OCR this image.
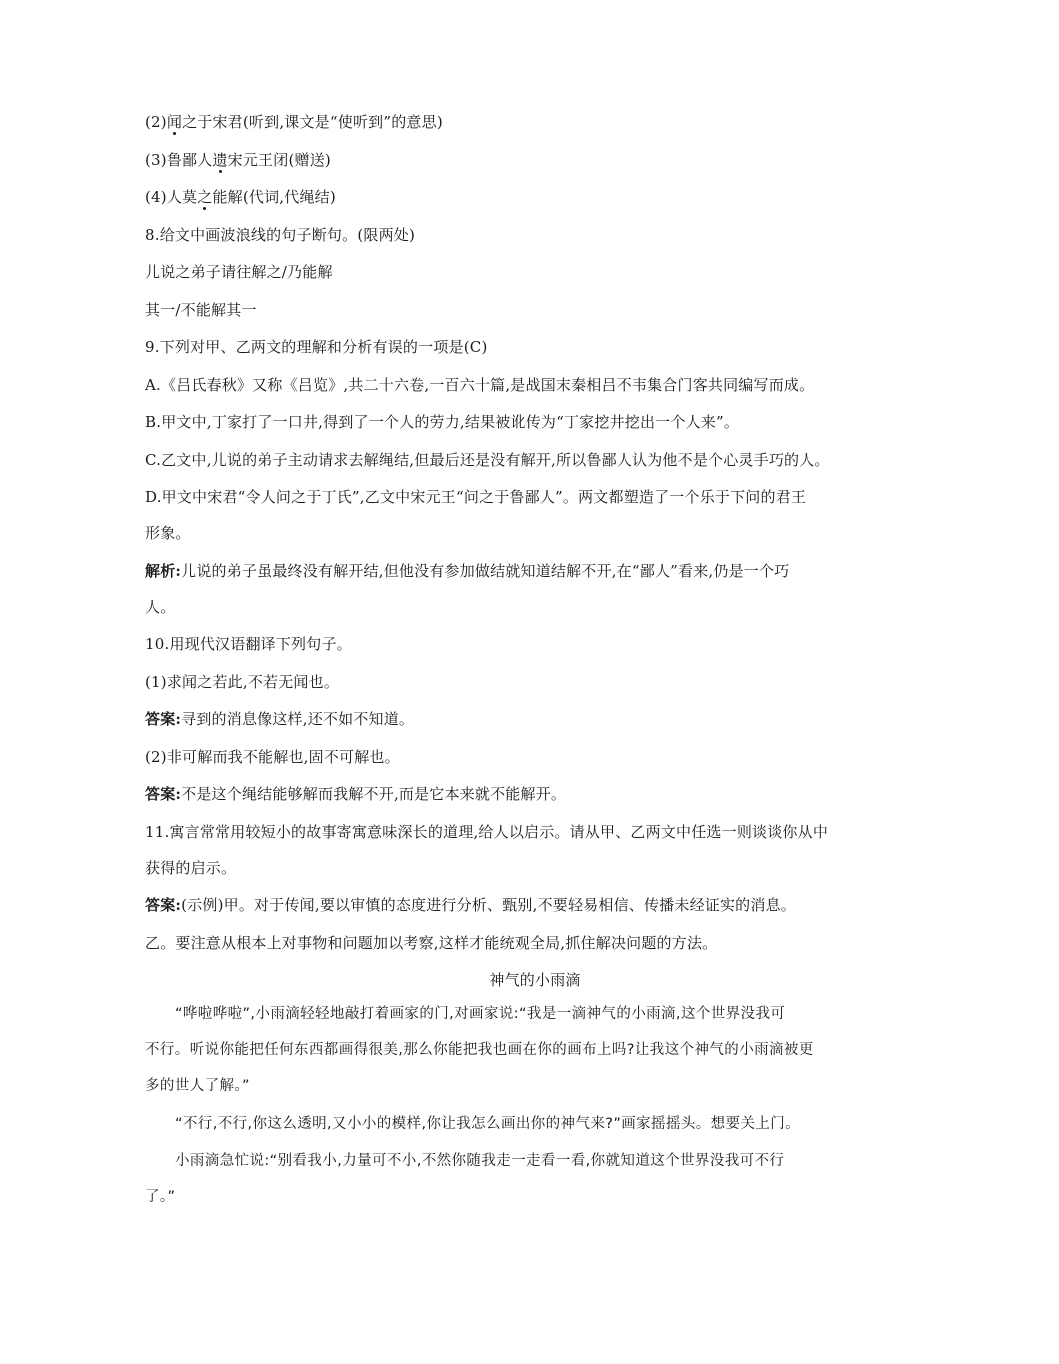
(2)闻之于宋君(听到,课文是“使听到”的意思)
(3)鲁鄙人遗宋元王闭(赠送)
(4)人莫之能解(代词,代绳结)
8.给文中画波浪线的句子断句。(限两处)
儿说之弟子请往解之/乃能解
其一/不能解其一
9.下列对甲、乙两文的理解和分析有误的一项是(C)
A.《吕氏春秋》又称《吕览》,共二十六卷,一百六十篇,是战国末秦相吕不韦集合门客共同编写而成。
B.甲文中,丁家打了一口井,得到了一个人的劳力,结果被讹传为“丁家挖井挖出一个人来”。
C.乙文中,儿说的弟子主动请求去解绳结,但最后还是没有解开,所以鲁鄙人认为他不是个心灵手巧的人。
D.甲文中宋君“令人问之于丁氏”,乙文中宋元王“问之于鲁鄙人”。两文都塑造了一个乐于下问的君王
形象。
解析:儿说的弟子虽最终没有解开结,但他没有参加做结就知道结解不开,在“鄙人”看来,仍是一个巧
人。
10.用现代汉语翻译下列句子。
(1)求闻之若此,不若无闻也。
答案:寻到的消息像这样,还不如不知道。
(2)非可解而我不能解也,固不可解也。
答案:不是这个绳结能够解而我解不开,而是它本来就不能解开。
11.寓言常常用较短小的故事寄寓意味深长的道理,给人以启示。请从甲、乙两文中任选一则谈谈你从中
获得的启示。
答案:(示例)甲。对于传闻,要以审慎的态度进行分析、甄别,不要轻易相信、传播未经证实的消息。
乙。要注意从根本上对事物和问题加以考察,这样才能统观全局,抓住解决问题的方法。
神气的小雨滴
“哗啦哗啦”,小雨滴轻轻地敲打着画家的门,对画家说:“我是一滴神气的小雨滴,这个世界没我可
不行。听说你能把任何东西都画得很美,那么你能把我也画在你的画布上吗?让我这个神气的小雨滴被更
多的世人了解。”
“不行,不行,你这么透明,又小小的模样,你让我怎么画出你的神气来?”画家摇摇头。想要关上门。
小雨滴急忙说:“别看我小,力量可不小,不然你随我走一走看一看,你就知道这个世界没我可不行
了。”
